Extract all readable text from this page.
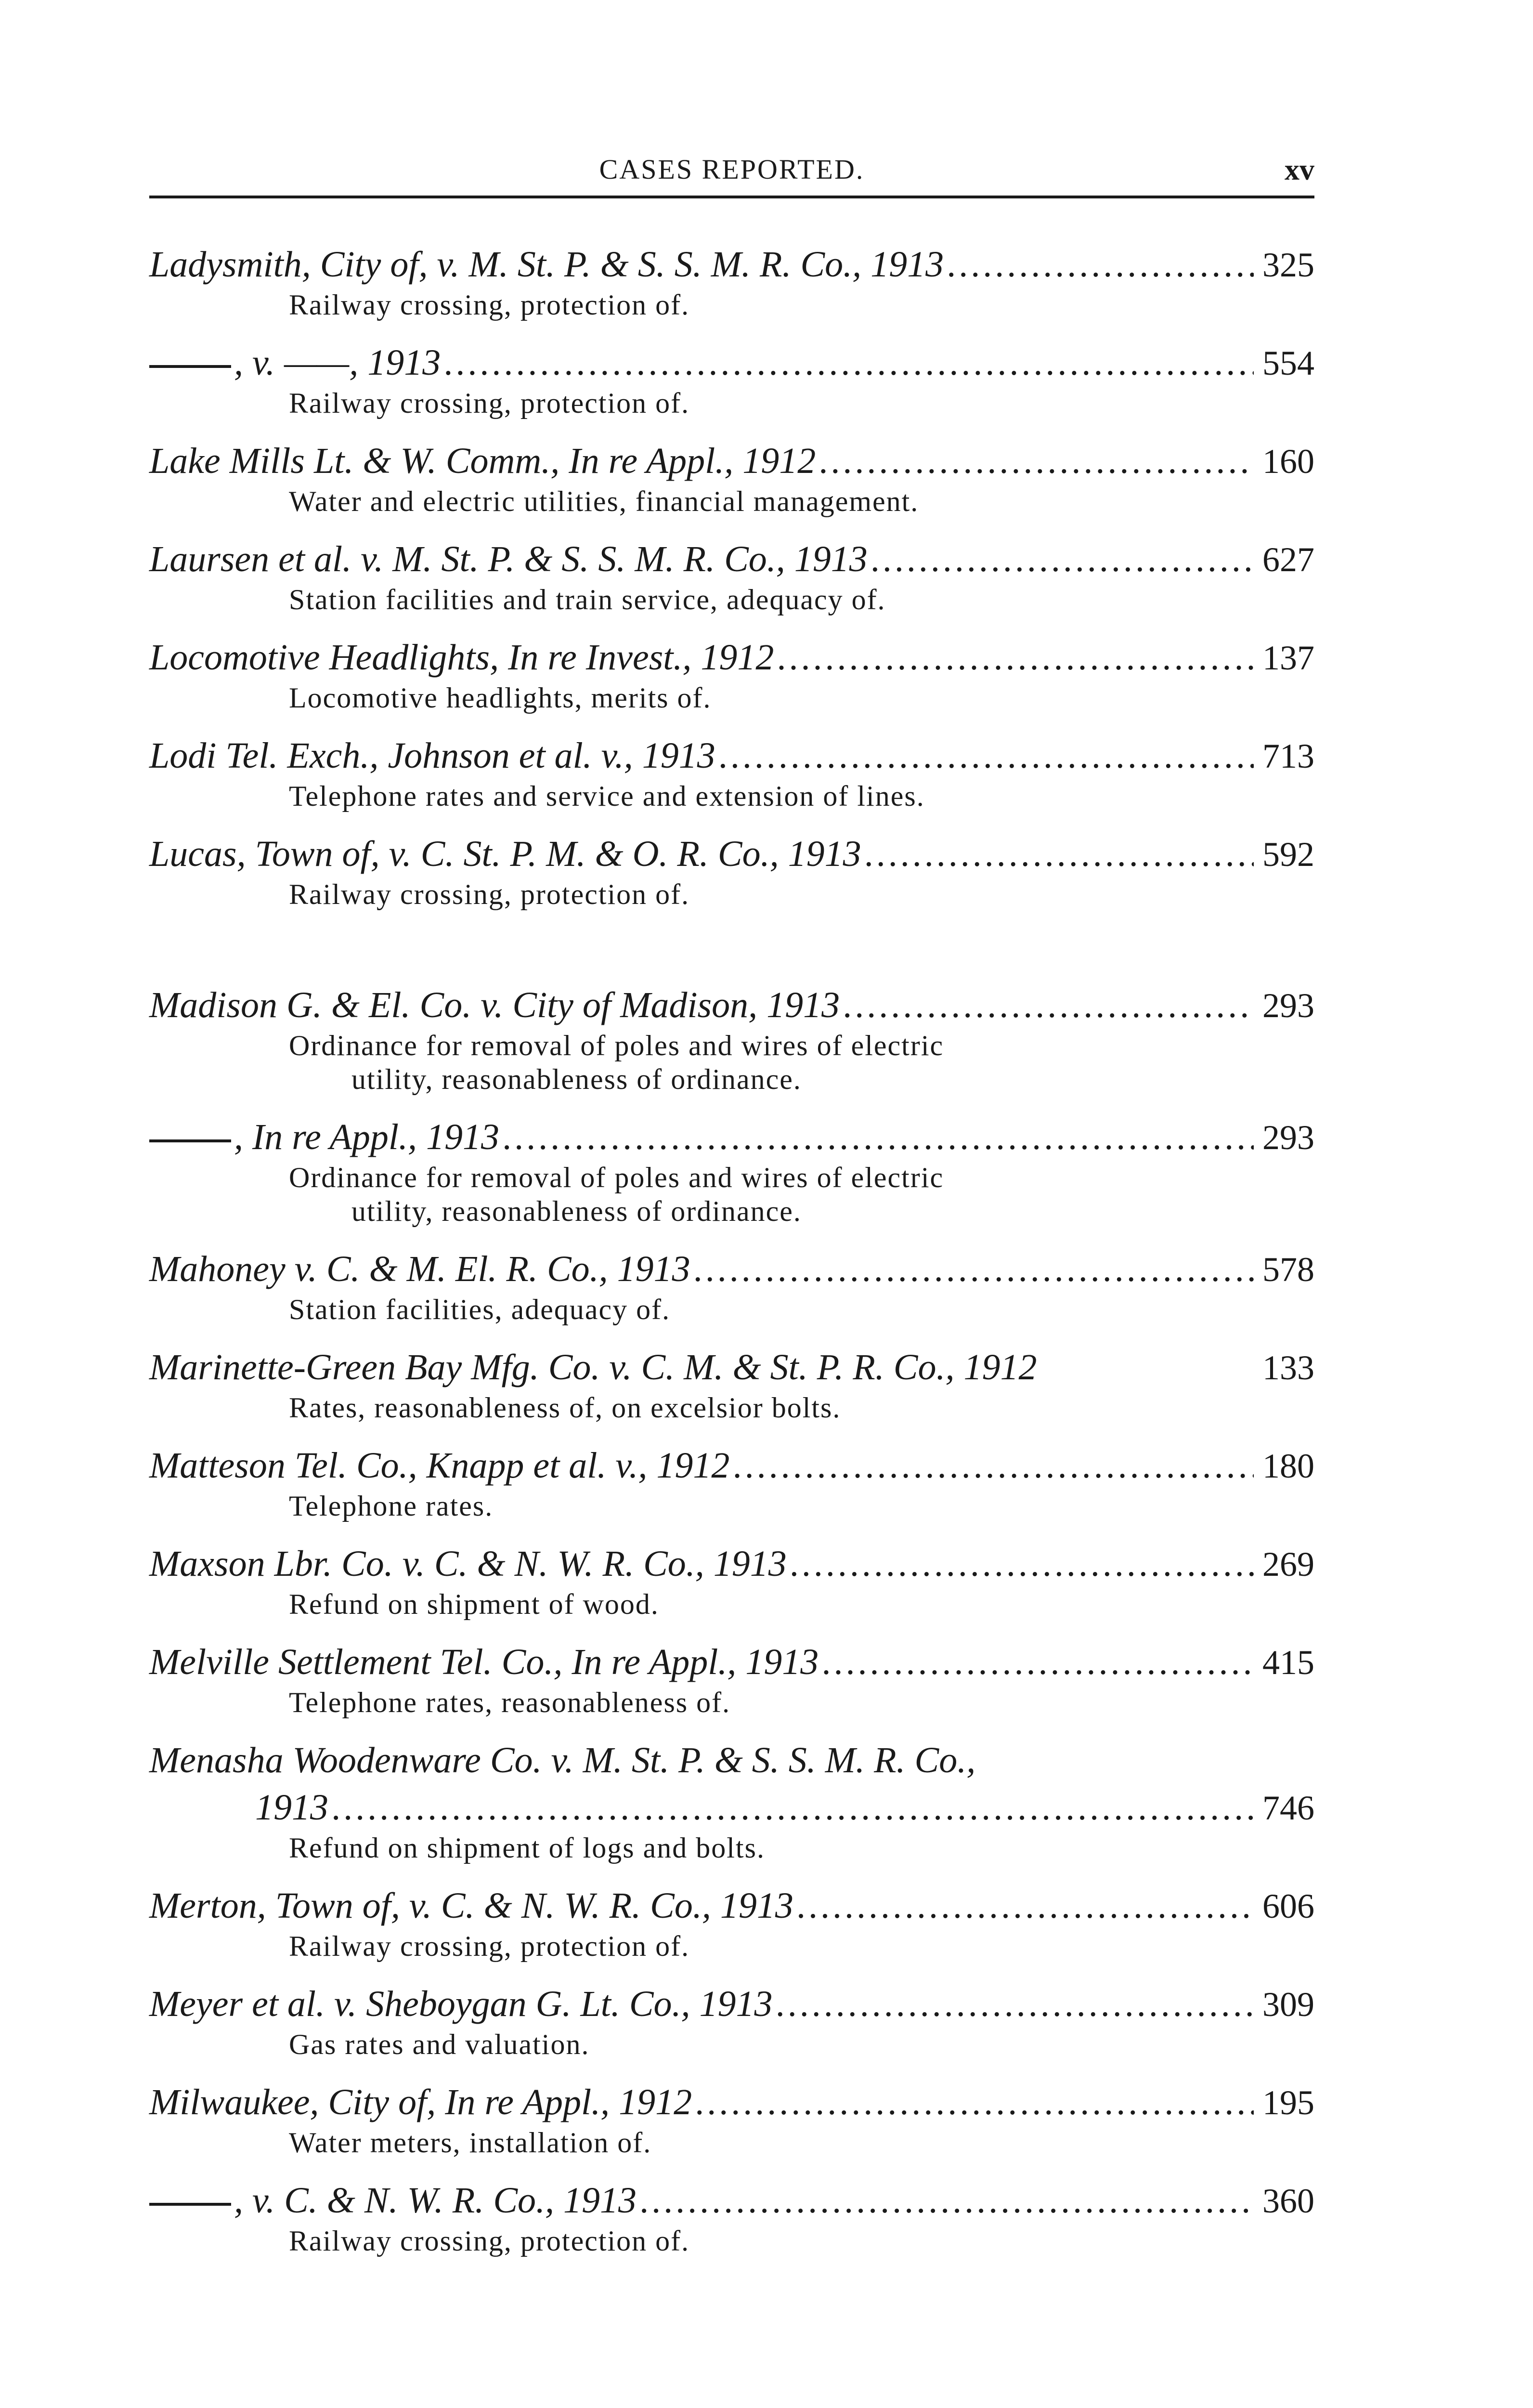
CASES REPORTED.	xv
Ladysmith, City of, v. M. St. P. & S. S. M. R. Co., 1913 .....	325
Railway crossing, protection of.
, v. ——, 1913 .....	554
Railway crossing, protection of.
Lake Mills Lt. & W. Comm., In re Appl., 1912 .....	160
Water and electric utilities, financial management.
Laursen et al. v. M. St. P. & S. S. M. R. Co., 1913 .....	627
Station facilities and train service, adequacy of.
Locomotive Headlights, In re Invest., 1912 .....	137
Locomotive headlights, merits of.
Lodi Tel. Exch., Johnson et al. v., 1913 .....	713
Telephone rates and service and extension of lines.
Lucas, Town of, v. C. St. P. M. & O. R. Co., 1913 .....	592
Railway crossing, protection of.
Madison G. & El. Co. v. City of Madison, 1913 .....	293
Ordinance for removal of poles and wires of electric
utility, reasonableness of ordinance.
, In re Appl., 1913 .....	293
Ordinance for removal of poles and wires of electric
utility, reasonableness of ordinance.
Mahoney v. C. & M. El. R. Co., 1913 .....	578
Station facilities, adequacy of.
Marinette-Green Bay Mfg. Co. v. C. M. & St. P. R. Co., 1912	133
Rates, reasonableness of, on excelsior bolts.
Matteson Tel. Co., Knapp et al. v., 1912 .....	180
Telephone rates.
Maxson Lbr. Co. v. C. & N. W. R. Co., 1913 .....	269
Refund on shipment of wood.
Melville Settlement Tel. Co., In re Appl., 1913 .....	415
Telephone rates, reasonableness of.
Menasha Woodenware Co. v. M. St. P. & S. S. M. R. Co.,
1913 .....	746
Refund on shipment of logs and bolts.
Merton, Town of, v. C. & N. W. R. Co., 1913 .....	606
Railway crossing, protection of.
Meyer et al. v. Sheboygan G. Lt. Co., 1913 .....	309
Gas rates and valuation.
Milwaukee, City of, In re Appl., 1912 .....	195
Water meters, installation of.
, v. C. & N. W. R. Co., 1913 .....	360
Railway crossing, protection of.
